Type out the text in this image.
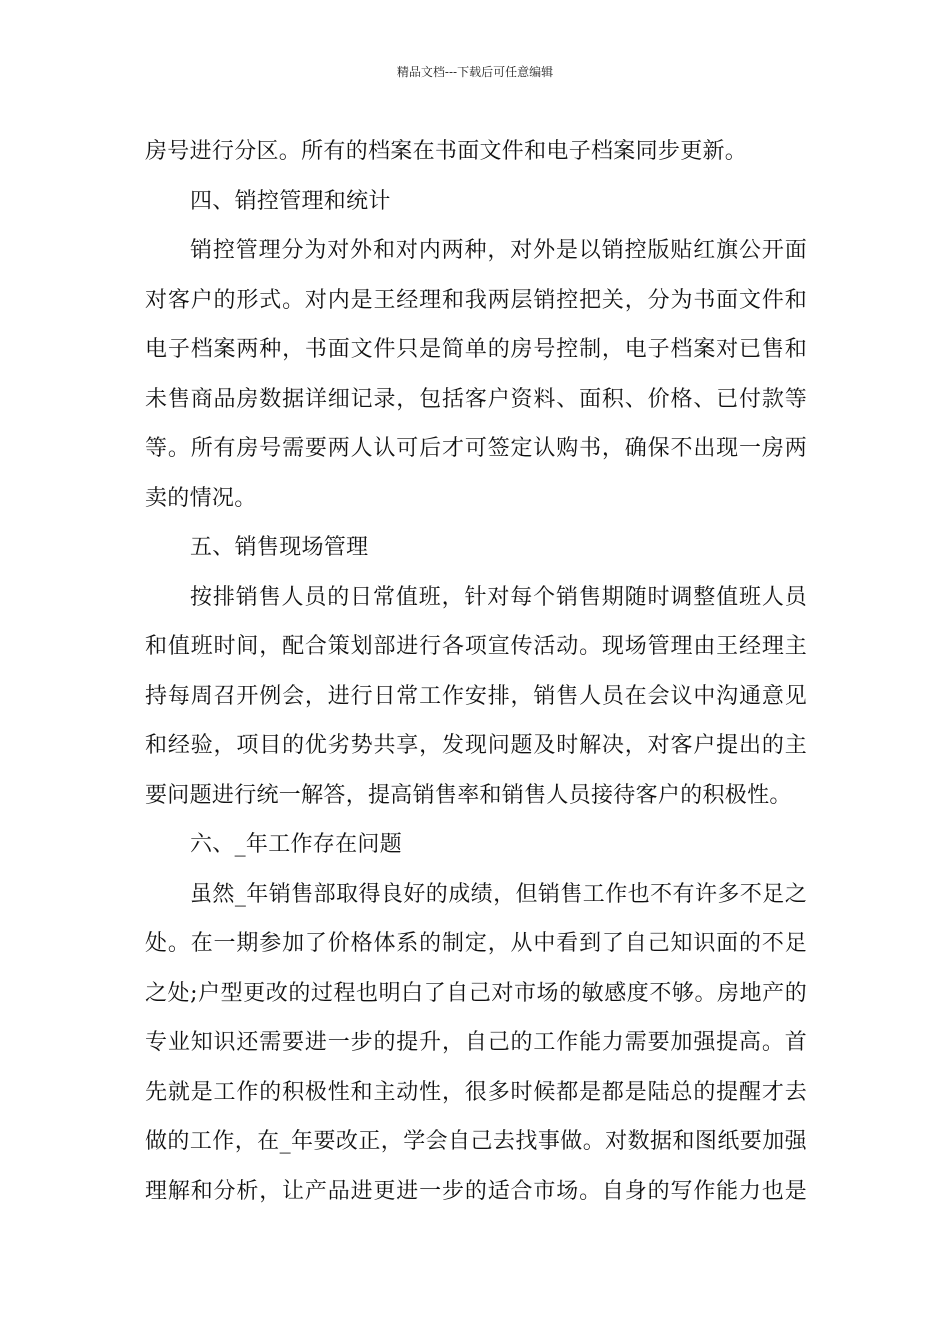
精品文档---下载后可任意编辑
房号进行分区。所有的档案在书面文件和电子档案同步更新。
四、销控管理和统计
销控管理分为对外和对内两种，对外是以销控版贴红旗公开面
对客户的形式。对内是王经理和我两层销控把关，分为书面文件和
电子档案两种，书面文件只是简单的房号控制，电子档案对已售和
未售商品房数据详细记录，包括客户资料、面积、价格、已付款等
等。所有房号需要两人认可后才可签定认购书，确保不出现一房两
卖的情况。
五、销售现场管理
按排销售人员的日常值班，针对每个销售期随时调整值班人员
和值班时间，配合策划部进行各项宣传活动。现场管理由王经理主
持每周召开例会，进行日常工作安排，销售人员在会议中沟通意见
和经验，项目的优劣势共享，发现问题及时解决，对客户提出的主
要问题进行统一解答，提高销售率和销售人员接待客户的积极性。
六、_年工作存在问题
虽然_年销售部取得良好的成绩，但销售工作也不有许多不足之
处。在一期参加了价格体系的制定，从中看到了自己知识面的不足
之处;户型更改的过程也明白了自己对市场的敏感度不够。房地产的
专业知识还需要进一步的提升，自己的工作能力需要加强提高。首
先就是工作的积极性和主动性，很多时候都是都是陆总的提醒才去
做的工作，在_年要改正，学会自己去找事做。对数据和图纸要加强
理解和分析，让产品进更进一步的适合市场。自身的写作能力也是
